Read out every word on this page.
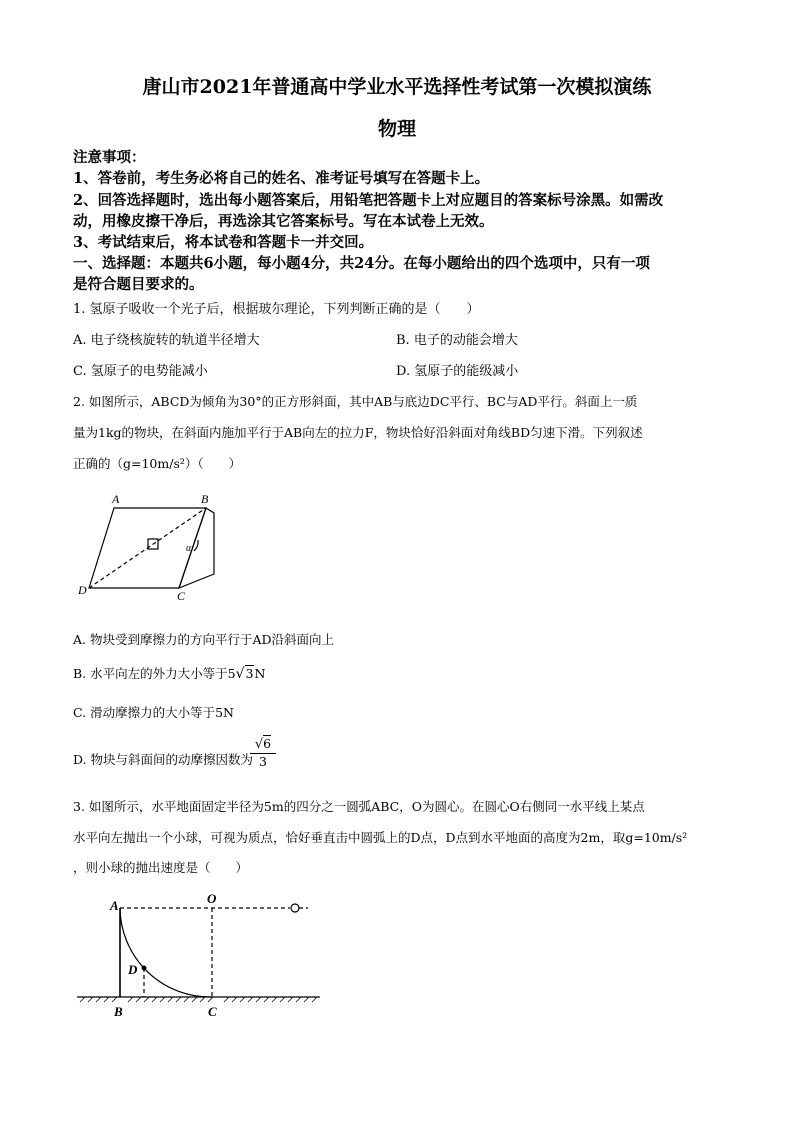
唐山市2021年普通高中学业水平选择性考试第一次模拟演练
物理
注意事项：
1、答卷前，考生务必将自己的姓名、准考证号填写在答题卡上。
2、回答选择题时，选出每小题答案后，用铅笔把答题卡上对应题目的答案标号涂黑。如需改
动，用橡皮擦干净后，再选涂其它答案标号。写在本试卷上无效。
3、考试结束后，将本试卷和答题卡一并交回。
一、选择题：本题共6小题，每小题4分，共24分。在每小题给出的四个选项中，只有一项
是符合题目要求的。
1. 氢原子吸收一个光子后，根据玻尔理论，下列判断正确的是（　　）
A. 电子绕核旋转的轨道半径增大	B. 电子的动能会增大
C. 氢原子的电势能减小	D. 氢原子的能级减小
2. 如图所示，ABCD为倾角为30°的正方形斜面，其中AB与底边DC平行、BC与AD平行。斜面上一质
量为1kg的物块，在斜面内施加平行于AB向左的拉力F，物块恰好沿斜面对角线BD匀速下滑。下列叙述
正确的（g=10m/s²）（　　）
A	B
C
D
α
A. 物块受到摩擦力的方向平行于AD沿斜面向上
B. 水平向左的外力大小等于5√3N
C. 滑动摩擦力的大小等于5N
D. 物块与斜面间的动摩擦因数为
√6
3
3. 如图所示，水平地面固定半径为5m的四分之一圆弧ABC，O为圆心。在圆心O右侧同一水平线上某点
水平向左抛出一个小球，可视为质点，恰好垂直击中圆弧上的D点，D点到水平地面的高度为2m，取g=10m/s²
，则小球的抛出速度是（　　）
A	O
D
B	C
